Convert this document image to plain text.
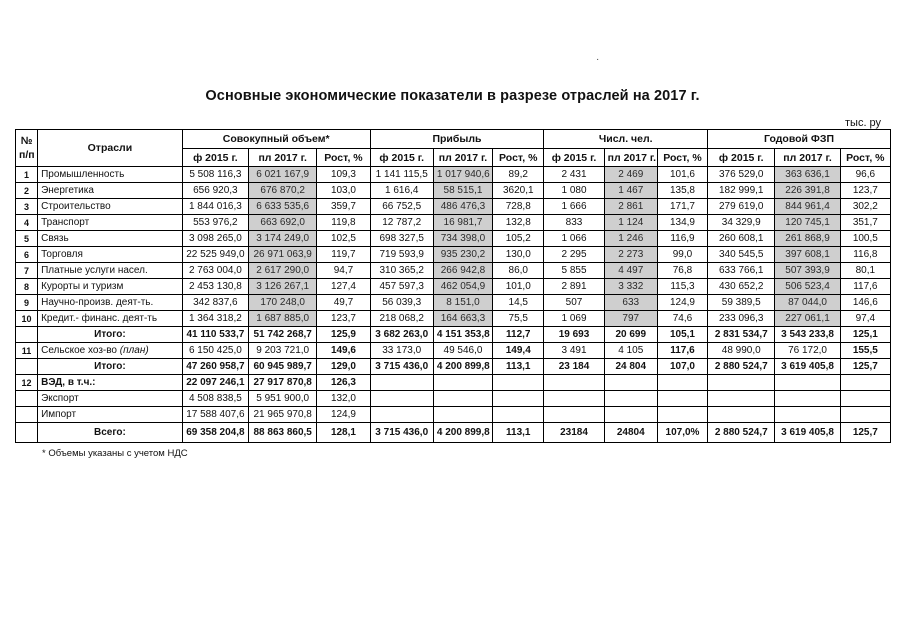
·
Основные экономические показатели в разрезе отраслей на 2017 г.
тыс. ру
№
п/п	Отрасли	Совокупный объем*			Прибыль			Числ. чел.			Годовой ФЗП		
		ф 2015 г.	пл 2017 г.	Рост, %	ф 2015 г.	пл 2017 г.	Рост, %	ф 2015 г.	пл 2017 г.	Рост, %	ф 2015 г.	пл 2017 г.	Рост, %
1	Промышленность	5 508 116,3	6 021 167,9	109,3	1 141 115,5	1 017 940,6	89,2	2 431	2 469	101,6	376 529,0	363 636,1	96,6
2	Энергетика	656 920,3	676 870,2	103,0	1 616,4	58 515,1	3620,1	1 080	1 467	135,8	182 999,1	226 391,8	123,7
3	Строительство	1 844 016,3	6 633 535,6	359,7	66 752,5	486 476,3	728,8	1 666	2 861	171,7	279 619,0	844 961,4	302,2
4	Транспорт	553 976,2	663 692,0	119,8	12 787,2	16 981,7	132,8	833	1 124	134,9	34 329,9	120 745,1	351,7
5	Связь	3 098 265,0	3 174 249,0	102,5	698 327,5	734 398,0	105,2	1 066	1 246	116,9	260 608,1	261 868,9	100,5
6	Торговля	22 525 949,0	26 971 063,9	119,7	719 593,9	935 230,2	130,0	2 295	2 273	99,0	340 545,5	397 608,1	116,8
7	Платные услуги насел.	2 763 004,0	2 617 290,0	94,7	310 365,2	266 942,8	86,0	5 855	4 497	76,8	633 766,1	507 393,9	80,1
8	Курорты и туризм	2 453 130,8	3 126 267,1	127,4	457 597,3	462 054,9	101,0	2 891	3 332	115,3	430 652,2	506 523,4	117,6
9	Научно-произв. деят-ть.	342 837,6	170 248,0	49,7	56 039,3	8 151,0	14,5	507	633	124,9	59 389,5	87 044,0	146,6
10	Кредит.- финанс. деят-ть	1 364 318,2	1 687 885,0	123,7	218 068,2	164 663,3	75,5	1 069	797	74,6	233 096,3	227 061,1	97,4
	Итого:	41 110 533,7	51 742 268,7	125,9	3 682 263,0	4 151 353,8	112,7	19 693	20 699	105,1	2 831 534,7	3 543 233,8	125,1
11	Сельское хоз-во (план)	6 150 425,0	9 203 721,0	149,6	33 173,0	49 546,0	149,4	3 491	4 105	117,6	48 990,0	76 172,0	155,5
	Итого:	47 260 958,7	60 945 989,7	129,0	3 715 436,0	4 200 899,8	113,1	23 184	24 804	107,0	2 880 524,7	3 619 405,8	125,7
12	ВЭД, в т.ч.:	22 097 246,1	27 917 870,8	126,3									
	Экспорт	4 508 838,5	5 951 900,0	132,0									
	Импорт	17 588 407,6	21 965 970,8	124,9									
	Всего:	69 358 204,8	88 863 860,5	128,1	3 715 436,0	4 200 899,8	113,1	23184	24804	107,0%	2 880 524,7	3 619 405,8	125,7
* Объемы указаны с учетом НДС
